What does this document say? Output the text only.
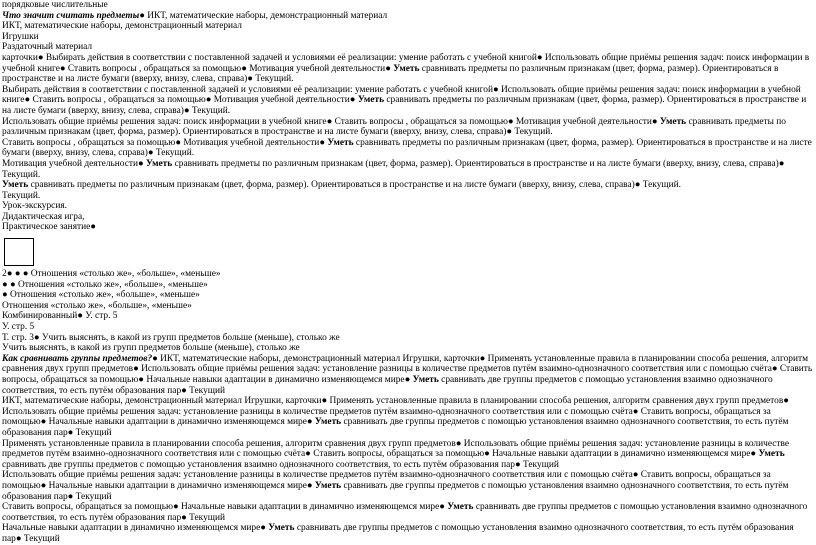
порядковые числительные
Что значит считать предметы● ИКТ, математические наборы, демонстрационный материал
ИКТ, математические наборы, демонстрационный материал
Игрушки
Раздаточный материал
карточки● Выбирать действия в соответствии с поставленной задачей и условиями её реализации: умение работать с учебной книгой● Использовать общие приёмы решения задач: поиск информации в учебной книге● Ставить вопросы , обращаться за помощью● Мотивация учебной деятельности● Уметь сравнивать предметы по различным признакам (цвет, форма, размер). Ориентироваться в пространстве и на листе бумаги (вверху, внизу, слева, справа)● Текущий.
Выбирать действия в соответствии с поставленной задачей и условиями её реализации: умение работать с учебной книгой● Использовать общие приёмы решения задач: поиск информации в учебной книге● Ставить вопросы , обращаться за помощью● Мотивация учебной деятельности● Уметь сравнивать предметы по различным признакам (цвет, форма, размер). Ориентироваться в пространстве и на листе бумаги (вверху, внизу, слева, справа)● Текущий.
Использовать общие приёмы решения задач: поиск информации в учебной книге● Ставить вопросы , обращаться за помощью● Мотивация учебной деятельности● Уметь сравнивать предметы по различным признакам (цвет, форма, размер). Ориентироваться в пространстве и на листе бумаги (вверху, внизу, слева, справа)● Текущий.
Ставить вопросы , обращаться за помощью● Мотивация учебной деятельности● Уметь сравнивать предметы по различным признакам (цвет, форма, размер). Ориентироваться в пространстве и на листе бумаги (вверху, внизу, слева, справа)● Текущий.
Мотивация учебной деятельности● Уметь сравнивать предметы по различным признакам (цвет, форма, размер). Ориентироваться в пространстве и на листе бумаги (вверху, внизу, слева, справа)● Текущий.
Уметь сравнивать предметы по различным признакам (цвет, форма, размер). Ориентироваться в пространстве и на листе бумаги (вверху, внизу, слева, справа)● Текущий.
Текущий.
Урок-экскурсия.
Дидактическая игра,
Практическое занятие●
2● ● ● Отношения «столько же», «больше», «меньше»
● ● Отношения «столько же», «больше», «меньше»
● Отношения «столько же», «больше», «меньше»
Отношения «столько же», «больше», «меньше»
Комбинированный● У. стр. 5
У. стр. 5
Т. стр. 3● Учить выяснять, в какой из групп предметов больше (меньше), столько же
Учить выяснять, в какой из групп предметов больше (меньше), столько же
Как сравнивать группы предметов?● ИКТ, математические наборы, демонстрационный материал Игрушки, карточки● Применять установленные правила в планировании способа решения, алгоритм сравнения двух групп предметов● Использовать общие приёмы решения задач: установление разницы в количестве предметов путём взаимно-однозначного соответствия или с помощью счёта● Ставить вопросы, обращаться за помощью● Начальные навыки адаптации в динамично изменяющемся мире● Уметь сравнивать две группы предметов с помощью установления взаимно однозначного соответствия, то есть путём образования пар● Текущий
ИКТ, математические наборы, демонстрационный материал Игрушки, карточки● Применять установленные правила в планировании способа решения, алгоритм сравнения двух групп предметов● Использовать общие приёмы решения задач: установление разницы в количестве предметов путём взаимно-однозначного соответствия или с помощью счёта● Ставить вопросы, обращаться за помощью● Начальные навыки адаптации в динамично изменяющемся мире● Уметь сравнивать две группы предметов с помощью установления взаимно однозначного соответствия, то есть путём образования пар● Текущий
Применять установленные правила в планировании способа решения, алгоритм сравнения двух групп предметов● Использовать общие приёмы решения задач: установление разницы в количестве предметов путём взаимно-однозначного соответствия или с помощью счёта● Ставить вопросы, обращаться за помощью● Начальные навыки адаптации в динамично изменяющемся мире● Уметь сравнивать две группы предметов с помощью установления взаимно однозначного соответствия, то есть путём образования пар● Текущий
Использовать общие приёмы решения задач: установление разницы в количестве предметов путём взаимно-однозначного соответствия или с помощью счёта● Ставить вопросы, обращаться за помощью● Начальные навыки адаптации в динамично изменяющемся мире● Уметь сравнивать две группы предметов с помощью установления взаимно однозначного соответствия, то есть путём образования пар● Текущий
Ставить вопросы, обращаться за помощью● Начальные навыки адаптации в динамично изменяющемся мире● Уметь сравнивать две группы предметов с помощью установления взаимно однозначного соответствия, то есть путём образования пар● Текущий
Начальные навыки адаптации в динамично изменяющемся мире● Уметь сравнивать две группы предметов с помощью установления взаимно однозначного соответствия, то есть путём образования пар● Текущий
